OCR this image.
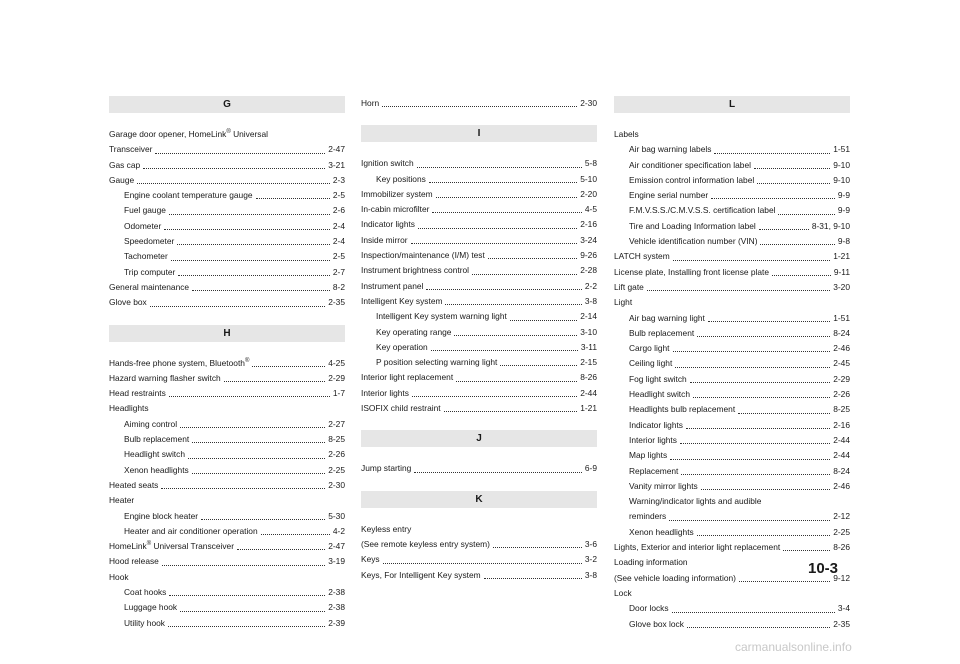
G
Garage door opener, HomeLink® Universal
Transceiver	2-47
Gas cap	3-21
Gauge	2-3
Engine coolant temperature gauge	2-5
Fuel gauge	2-6
Odometer	2-4
Speedometer	2-4
Tachometer	2-5
Trip computer	2-7
General maintenance	8-2
Glove box	2-35
H
Hands-free phone system, Bluetooth®	4-25
Hazard warning flasher switch	2-29
Head restraints	1-7
Headlights
Aiming control	2-27
Bulb replacement	8-25
Headlight switch	2-26
Xenon headlights	2-25
Heated seats	2-30
Heater
Engine block heater	5-30
Heater and air conditioner operation	4-2
HomeLink® Universal Transceiver	2-47
Hood release	3-19
Hook
Coat hooks	2-38
Luggage hook	2-38
Utility hook	2-39
Horn	2-30
I
Ignition switch	5-8
Key positions	5-10
Immobilizer system	2-20
In-cabin microfilter	4-5
Indicator lights	2-16
Inside mirror	3-24
Inspection/maintenance (I/M) test	9-26
Instrument brightness control	2-28
Instrument panel	2-2
Intelligent Key system	3-8
Intelligent Key system warning light	2-14
Key operating range	3-10
Key operation	3-11
P position selecting warning light	2-15
Interior light replacement	8-26
Interior lights	2-44
ISOFIX child restraint	1-21
J
Jump starting	6-9
K
Keyless entry
(See remote keyless entry system)	3-6
Keys	3-2
Keys, For Intelligent Key system	3-8
L
Labels
Air bag warning labels	1-51
Air conditioner specification label	9-10
Emission control information label	9-10
Engine serial number	9-9
F.M.V.S.S./C.M.V.S.S. certification label	9-9
Tire and Loading Information label	8-31, 9-10
Vehicle identification number (VIN)	9-8
LATCH system	1-21
License plate, Installing front license plate	9-11
Lift gate	3-20
Light
Air bag warning light	1-51
Bulb replacement	8-24
Cargo light	2-46
Ceiling light	2-45
Fog light switch	2-29
Headlight switch	2-26
Headlights bulb replacement	8-25
Indicator lights	2-16
Interior lights	2-44
Map lights	2-44
Replacement	8-24
Vanity mirror lights	2-46
Warning/indicator lights and audible
reminders	2-12
Xenon headlights	2-25
Lights, Exterior and interior light replacement	8-26
Loading information
(See vehicle loading information)	9-12
Lock
Door locks	3-4
Glove box lock	2-35
10-3
carmanualsonline.info
